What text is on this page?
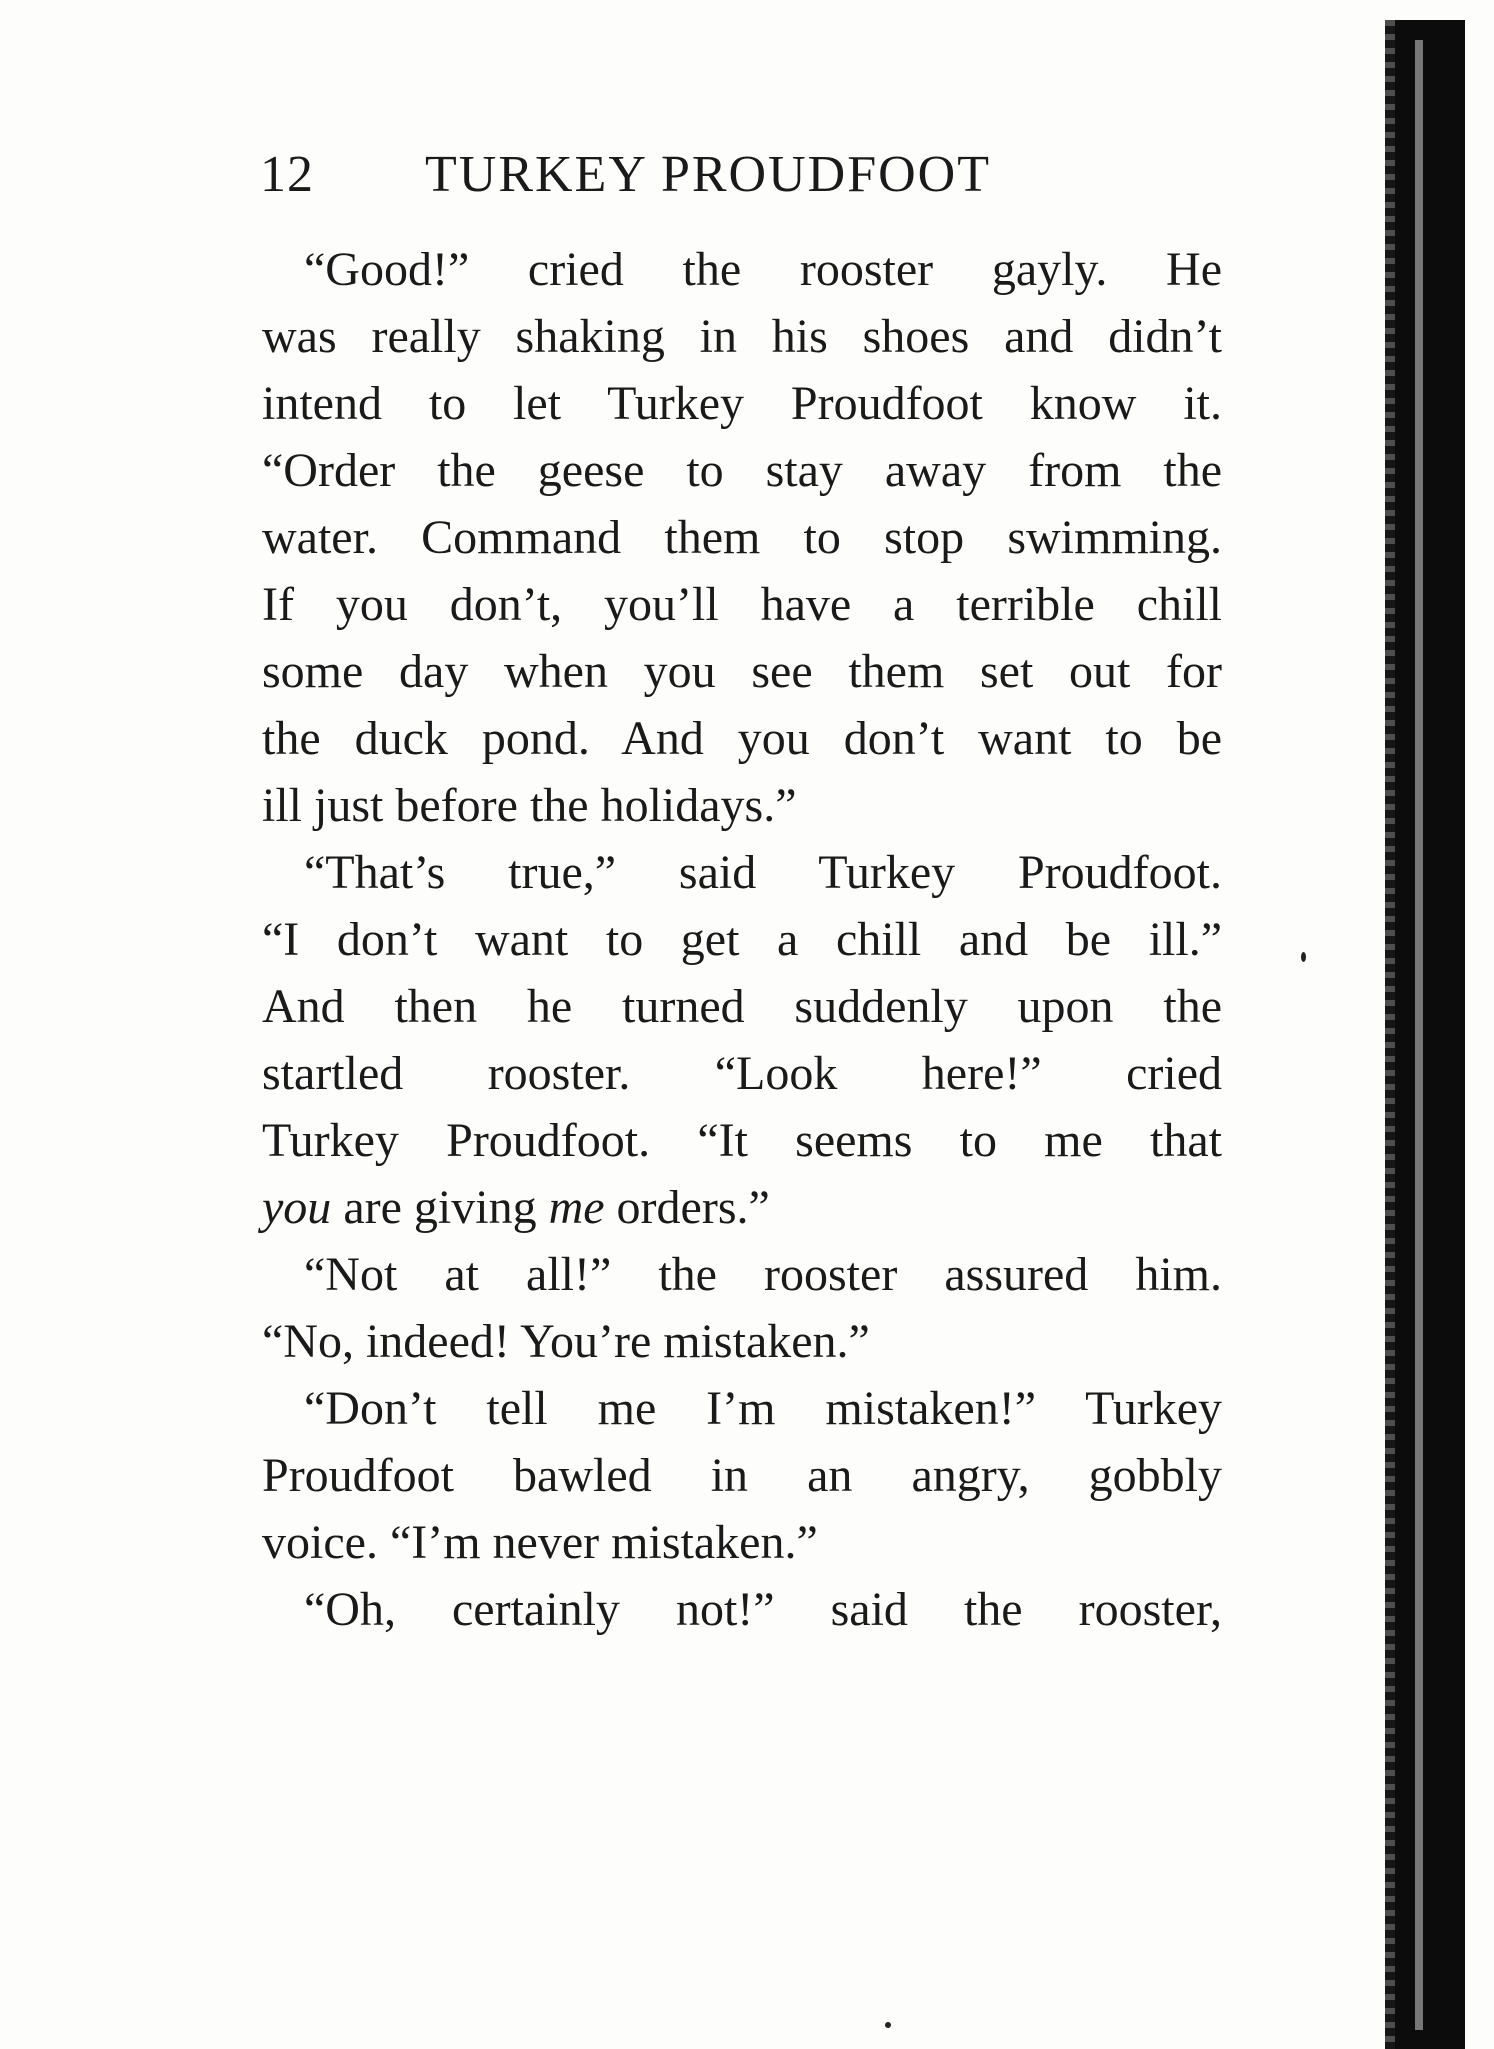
12 TURKEY PROUDFOOT
“Good!” cried the rooster gayly. He
was really shaking in his shoes and didn’t
intend to let Turkey Proudfoot know it.
“Order the geese to stay away from the
water. Command them to stop swimming.
If you don’t, you’ll have a terrible chill
some day when you see them set out for
the duck pond. And you don’t want to be
ill just before the holidays.”
“That’s true,” said Turkey Proudfoot.
“I don’t want to get a chill and be ill.”
And then he turned suddenly upon the
startled rooster. “Look here!” cried
Turkey Proudfoot. “It seems to me that
you are giving me orders.”
“Not at all!” the rooster assured him.
“No, indeed! You’re mistaken.”
“Don’t tell me I’m mistaken!” Turkey
Proudfoot bawled in an angry, gobbly
voice. “I’m never mistaken.”
“Oh, certainly not!” said the rooster,
